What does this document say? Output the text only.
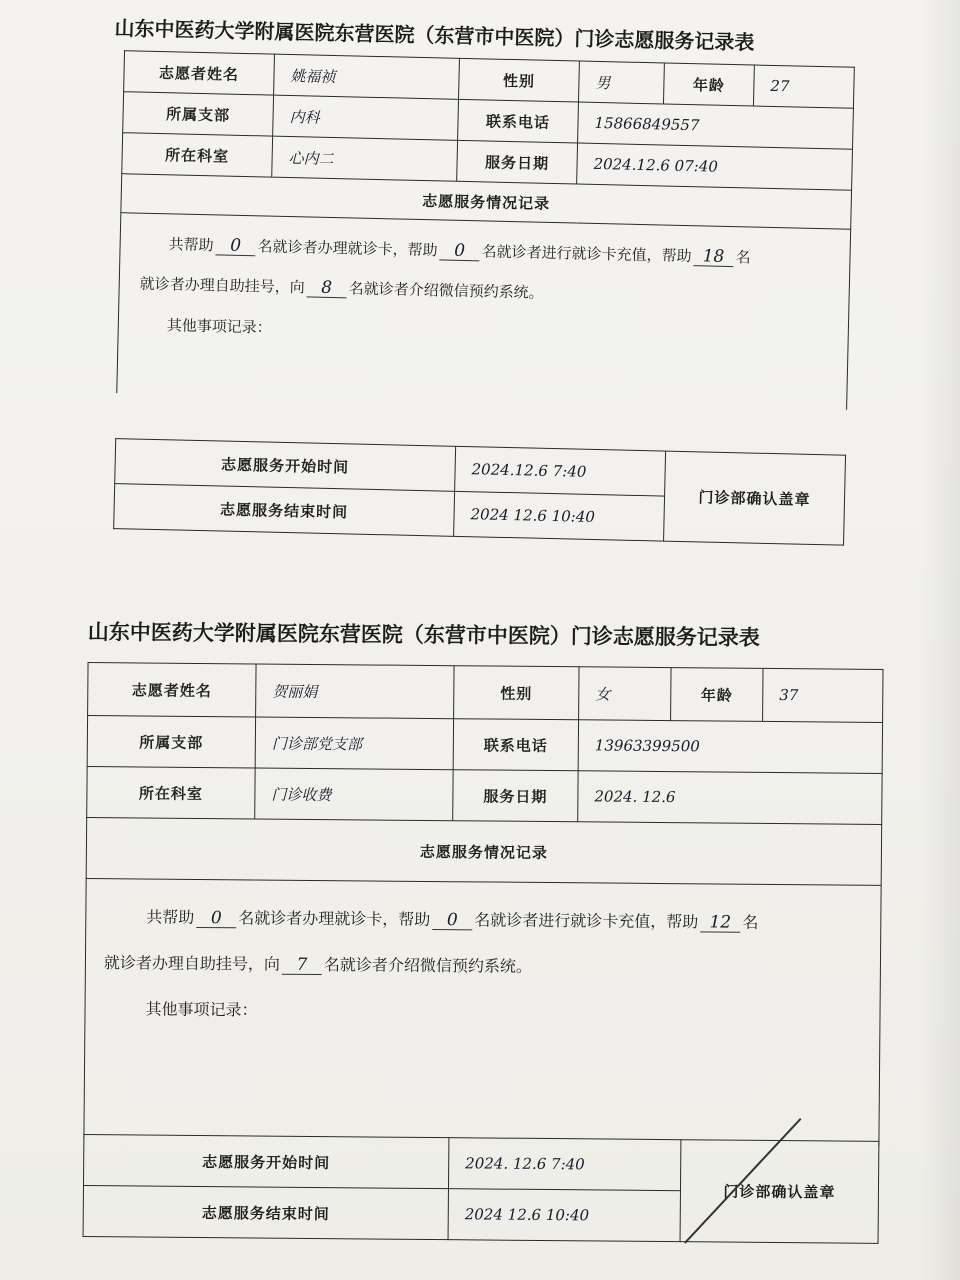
山东中医药大学附属医院东营医院（东营市中医院）门诊志愿服务记录表
志愿者姓名	姚福祯	性别	男	年龄	27
所属支部	内科	联系电话	15866849557		
所在科室	心内二	服务日期	2024.12.6 07:40		
志愿服务情况记录					

共帮助 0 名就诊者办理就诊卡，帮助 0 名就诊者进行就诊卡充值，帮助 18 名
就诊者办理自助挂号，向 8 名就诊者介绍微信预约系统。
其他事项记录：					
志愿服务开始时间	2024.12.6 7:40	门诊部确认盖章
志愿服务结束时间	2024 12.6 10:40	
山东中医药大学附属医院东营医院（东营市中医院）门诊志愿服务记录表
志愿者姓名	贺丽娟	性别	女	年龄	37
所属支部	门诊部党支部	联系电话	13963399500		
所在科室	门诊收费	服务日期	2024. 12.6		
志愿服务情况记录					

共帮助 0 名就诊者办理就诊卡，帮助 0 名就诊者进行就诊卡充值，帮助 12 名
就诊者办理自助挂号，向 7 名就诊者介绍微信预约系统。
其他事项记录：					
志愿服务开始时间	2024. 12.6 7:40	门诊部确认盖章
志愿服务结束时间	2024 12.6 10:40	
